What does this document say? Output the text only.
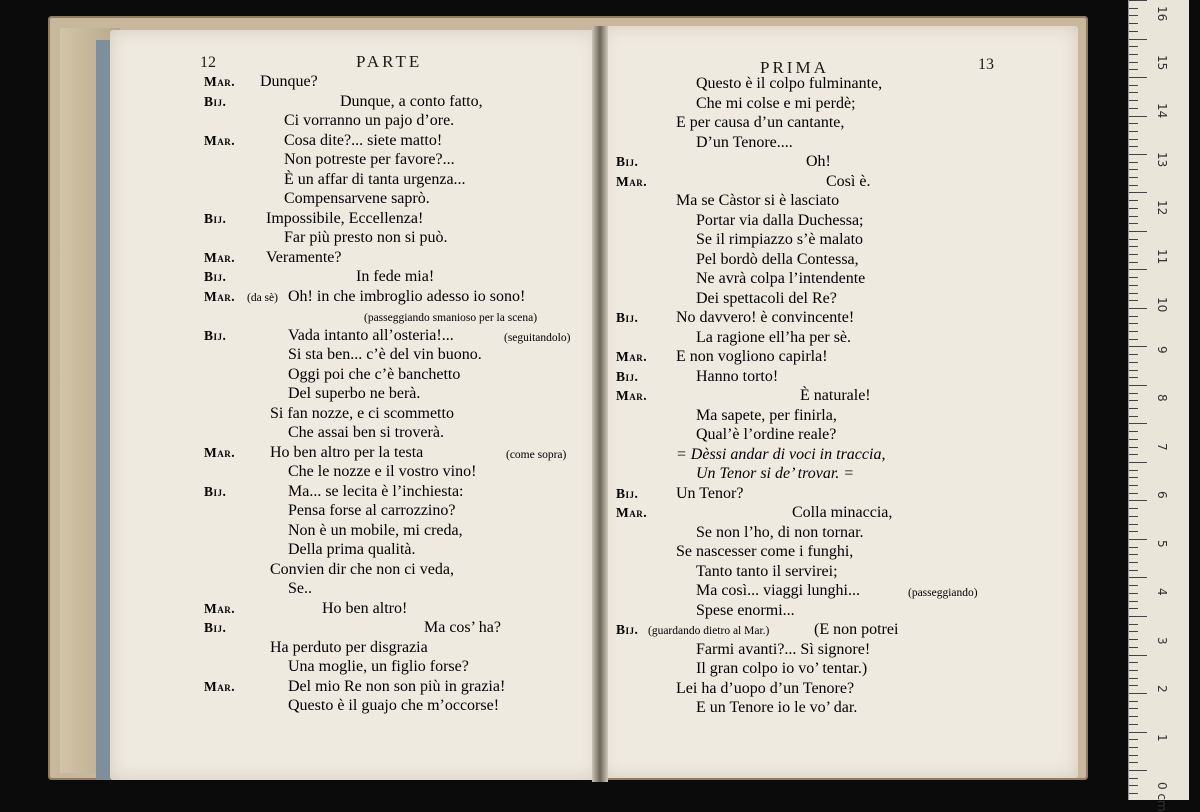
12	PARTE	PRIMA	13
Mar. Dunque?
Bij.	Dunque, a conto fatto,
Ci vorranno un pajo d’ore.
Mar.	Cosa dite?... siete matto!
Non potreste per favore?...
È un affar di tanta urgenza...
Compensarvene saprò.
Bij. Impossibile, Eccellenza!
Far più presto non si può.
Mar. Veramente?
Bij.	In fede mia!
Mar. (da sè) Oh! in che imbroglio adesso io sono!
(passeggiando smanioso per la scena)
Bij.	Vada intanto all’osteria!...	(seguitandolo)
Si sta ben... c’è del vin buono.
Oggi poi che c’è banchetto
Del superbo ne berà.
Si fan nozze, e ci scommetto
Che assai ben si troverà.
Mar. Ho ben altro per la testa	(come sopra)
Che le nozze e il vostro vino!
Bij.	Ma... se lecita è l’inchiesta:
Pensa forse al carrozzino?
Non è un mobile, mi creda,
Della prima qualità.
Convien dir che non ci veda,
Se..
Mar.	Ho ben altro!
Bij.	Ma cos’ ha?
Ha perduto per disgrazia
Una moglie, un figlio forse?
Mar.	Del mio Re non son più in grazia!
Questo è il guajo che m’occorse!
Questo è il colpo fulminante,
Che mi colse e mi perdè;
E per causa d’un cantante,
D’un Tenore....
Bij.	Oh!
Mar.	Così è.
Ma se Càstor si è lasciato
Portar via dalla Duchessa;
Se il rimpiazzo s’è malato
Pel bordò della Contessa,
Ne avrà colpa l’intendente
Dei spettacoli del Re?
Bij. No davvero! è convincente!
La ragione ell’ha per sè.
Mar. E non vogliono capirla!
Bij.	Hanno torto!
Mar.	È naturale!
Ma sapete, per finirla,
Qual’è l’ordine reale?
= Dèssi andar di voci in traccia,
Un Tenor si de’ trovar. =
Bij. Un Tenor?
Mar.	Colla minaccia,
Se non l’ho, di non tornar.
Se nascesser come i funghi,
Tanto tanto il servirei;
Ma così... viaggi lunghi...	(passeggiando)
Spese enormi...
Bij. (guardando dietro al Mar.)	(E non potrei
Farmi avanti?... Sì signore!
Il gran colpo io vo’ tentar.)
Lei ha d’uopo d’un Tenore?
E un Tenore io le vo’ dar.
16
15
14
13
12
11
10
9
8
7
6
5
4
3
2
1
0 cm
